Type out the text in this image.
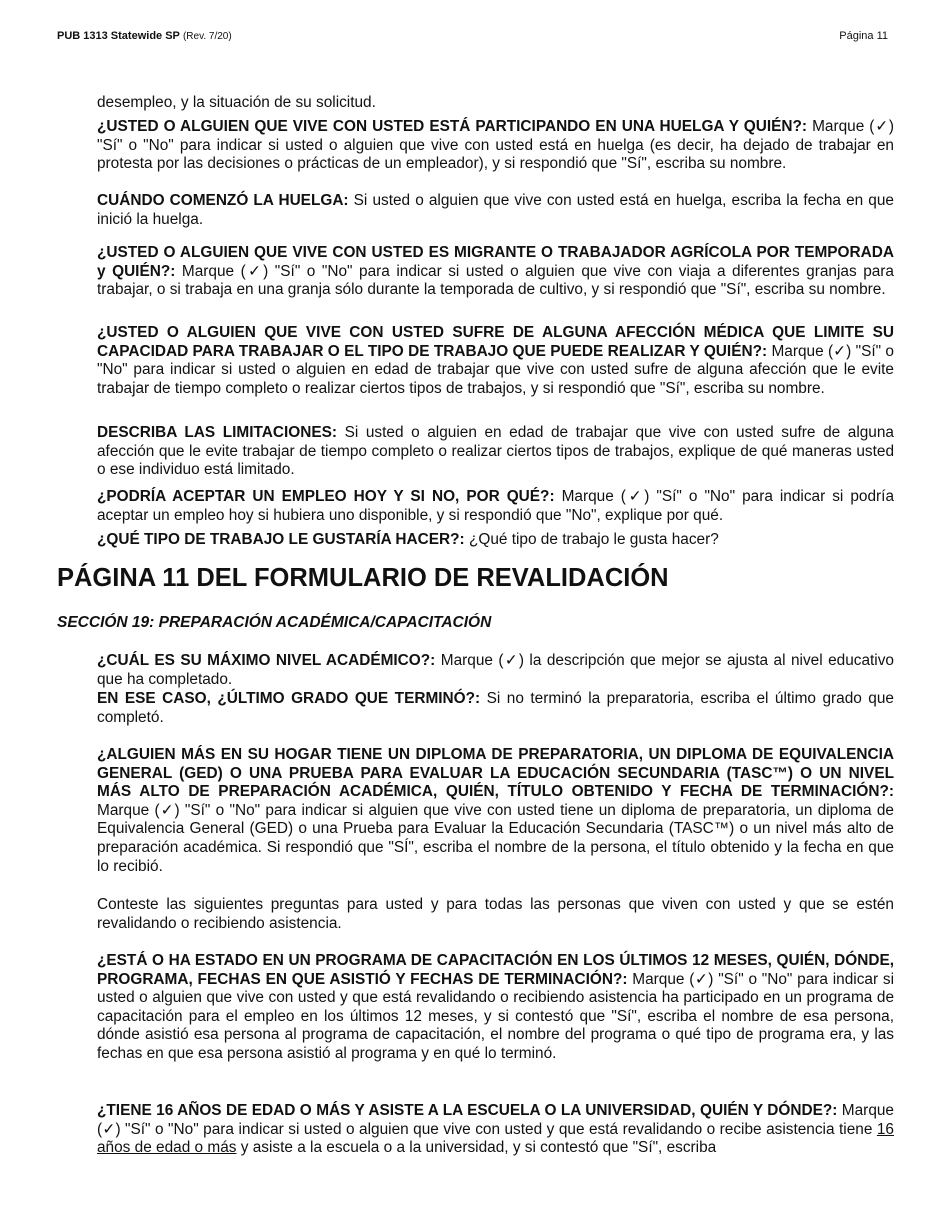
PUB 1313 Statewide SP (Rev. 7/20)	Página 11

desempleo, y la situación de su solicitud.

¿USTED O ALGUIEN QUE VIVE CON USTED ESTÁ PARTICIPANDO EN UNA HUELGA Y QUIÉN?: Marque (✓) "Sí" o "No" para indicar si usted o alguien que vive con usted está en huelga (es decir, ha dejado de trabajar en protesta por las decisiones o prácticas de un empleador), y si respondió que "Sí", escriba su nombre.

CUÁNDO COMENZÓ LA HUELGA: Si usted o alguien que vive con usted está en huelga, escriba la fecha en que inició la huelga.

¿USTED O ALGUIEN QUE VIVE CON USTED ES MIGRANTE O TRABAJADOR AGRÍCOLA POR TEMPORADA y QUIÉN?: Marque (✓) "Sí" o "No" para indicar si usted o alguien que vive con viaja a diferentes granjas para trabajar, o si trabaja en una granja sólo durante la temporada de cultivo, y si respondió que "Sí", escriba su nombre.

¿USTED O ALGUIEN QUE VIVE CON USTED SUFRE DE ALGUNA AFECCIÓN MÉDICA QUE LIMITE SU CAPACIDAD PARA TRABAJAR O EL TIPO DE TRABAJO QUE PUEDE REALIZAR Y QUIÉN?: Marque (✓) "Sí" o "No" para indicar si usted o alguien en edad de trabajar que vive con usted sufre de alguna afección que le evite trabajar de tiempo completo o realizar ciertos tipos de trabajos, y si respondió que "Sí", escriba su nombre.

DESCRIBA LAS LIMITACIONES: Si usted o alguien en edad de trabajar que vive con usted sufre de alguna afección que le evite trabajar de tiempo completo o realizar ciertos tipos de trabajos, explique de qué maneras usted o ese individuo está limitado.

¿PODRÍA ACEPTAR UN EMPLEO HOY Y SI NO, POR QUÉ?: Marque (✓) "Sí" o "No" para indicar si podría aceptar un empleo hoy si hubiera uno disponible, y si respondió que "No", explique por qué.

¿QUÉ TIPO DE TRABAJO LE GUSTARÍA HACER?: ¿Qué tipo de trabajo le gusta hacer?

PÁGINA 11 DEL FORMULARIO DE REVALIDACIÓN
SECCIÓN 19: PREPARACIÓN ACADÉMICA/CAPACITACIÓN

¿CUÁL ES SU MÁXIMO NIVEL ACADÉMICO?: Marque (✓) la descripción que mejor se ajusta al nivel educativo que ha completado.

EN ESE CASO, ¿ÚLTIMO GRADO QUE TERMINÓ?: Si no terminó la preparatoria, escriba el último grado que completó.

¿ALGUIEN MÁS EN SU HOGAR TIENE UN DIPLOMA DE PREPARATORIA, UN DIPLOMA DE EQUIVALENCIA GENERAL (GED) O UNA PRUEBA PARA EVALUAR LA EDUCACIÓN SECUNDARIA (TASC™) O UN NIVEL MÁS ALTO DE PREPARACIÓN ACADÉMICA, QUIÉN, TÍTULO OBTENIDO Y FECHA DE TERMINACIÓN?: Marque (✓) "Sí" o "No" para indicar si alguien que vive con usted tiene un diploma de preparatoria, un diploma de Equivalencia General (GED) o una Prueba para Evaluar la Educación Secundaria (TASC™) o un nivel más alto de preparación académica. Si respondió que "SÍ", escriba el nombre de la persona, el título obtenido y la fecha en que lo recibió.

Conteste las siguientes preguntas para usted y para todas las personas que viven con usted y que se estén revalidando o recibiendo asistencia.

¿ESTÁ O HA ESTADO EN UN PROGRAMA DE CAPACITACIÓN EN LOS ÚLTIMOS 12 MESES, QUIÉN, DÓNDE, PROGRAMA, FECHAS EN QUE ASISTIÓ Y FECHAS DE TERMINACIÓN?: Marque (✓) "Sí" o "No" para indicar si usted o alguien que vive con usted y que está revalidando o recibiendo asistencia ha participado en un programa de capacitación para el empleo en los últimos 12 meses, y si contestó que "Sí", escriba el nombre de esa persona, dónde asistió esa persona al programa de capacitación, el nombre del programa o qué tipo de programa era, y las fechas en que esa persona asistió al programa y en qué lo terminó.

¿TIENE 16 AÑOS DE EDAD O MÁS Y ASISTE A LA ESCUELA O LA UNIVERSIDAD, QUIÉN Y DÓNDE?: Marque (✓) "Sí" o "No" para indicar si usted o alguien que vive con usted y que está revalidando o recibe asistencia tiene 16 años de edad o más y asiste a la escuela o a la universidad, y si contestó que "Sí", escriba
